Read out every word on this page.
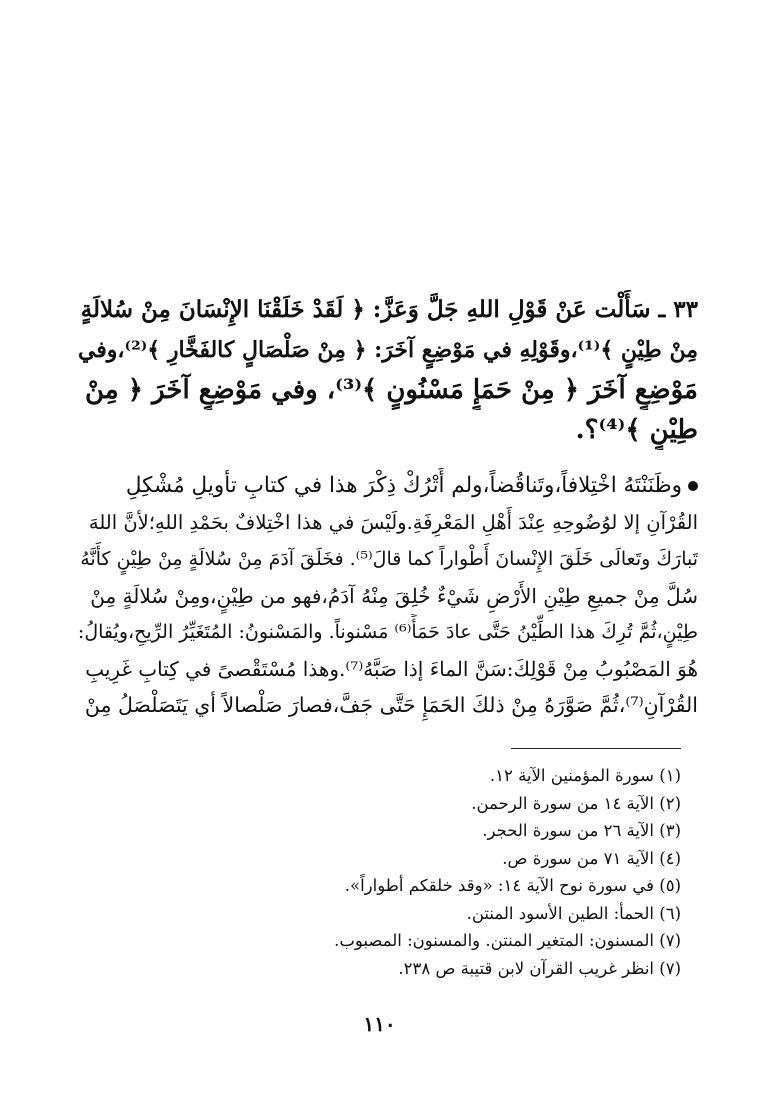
٣٣ ـ سَأَلْت عَنْ قَوْلِ اللهِ جَلَّ وَعَزَّ: ﴿ لَقَدْ خَلَقْنَا الإِنْسَانَ مِنْ سُلالَةٍ
مِنْ طِيْنٍ ﴾⁽¹⁾،وقَوْلِهِ في مَوْضِعٍ آخَرَ: ﴿ مِنْ صَلْصَالٍ كالفَخَّارِ ﴾⁽²⁾،وفي
مَوْضِعٍ آخَرَ ﴿ مِنْ حَمَإٍ مَسْنُونٍ ﴾⁽³⁾، وفي مَوْضِعٍ آخَرَ ﴿ مِنْ
طِيْنٍ ﴾⁽⁴⁾؟.
وظَنَنْتَهُ اخْتِلافاً،وتَناقُضاً،ولم أَتْرُكْ ذِكْرَ هذا في كتابِ تأويلِ مُشْكِلِ
القُرْآنِ إلا لوُضُوحِهِ عِنْدَ أَهْلِ المَعْرِفَةِ.ولَيْسَ في هذا اخْتِلافٌ بحَمْدِ اللهِ؛لأنَّ اللهَ
تَبارَكَ وتَعالَى خَلَقَ الإِنْسانَ أَطْواراً كما قالَ⁽⁵⁾. فخَلَقَ آدَمَ مِنْ سُلالَةٍ مِنْ طِيْنٍ كأَنَّهُ
سُلَّ مِنْ جميعِ طِيْنِ الأَرْضِ شَيْءٌ خُلِقَ مِنْهُ آدَمُ،فهو من طِيْنٍ،ومِنْ سُلالَةٍ مِنْ
طِيْنٍ،ثُمَّ تُرِكَ هذا الطِّيْنُ حَتَّى عادَ حَمَأً⁽⁶⁾ مَسْنوناً. والمَسْنونُ: المُتَغَيِّرُ الرِّيحِ،ويُقالُ:
هُوَ المَصْبُوبُ مِنْ قَوْلِكَ:سَنَّ الماءَ إذا صَبَّهُ⁽⁷⁾.وهذا مُسْتَقْصىً في كِتابِ غَرِيبِ
القُرْآنِ⁽⁷⁾،ثُمَّ صَوَّرَهُ مِنْ ذلكَ الحَمَإِ حَتَّى جَفَّ،فصارَ صَلْصالاً أي يَتَصَلْصَلُ مِنْ
(١) سورة المؤمنين الآية ١٢.
(٢) الآية ١٤ من سورة الرحمن.
(٣) الآية ٢٦ من سورة الحجر.
(٤) الآية ٧١ من سورة ص.
(٥) في سورة نوح الآية ١٤: «وقد خلقكم أطواراً».
(٦) الحمأ: الطين الأسود المنتن.
(٧) المسنون: المتغير المنتن. والمسنون: المصبوب.
(٧) انظر غريب القرآن لابن قتيبة ص ٢٣٨.
١١٠
